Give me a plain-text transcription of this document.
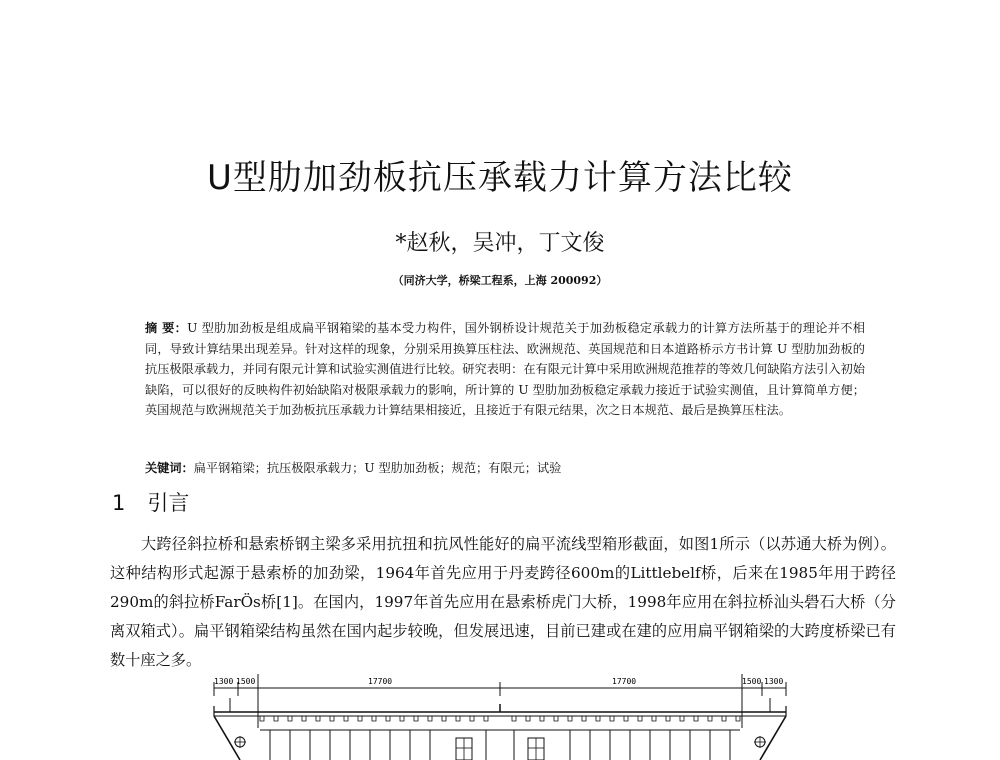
U型肋加劲板抗压承载力计算方法比较

*赵秋，吴冲，丁文俊

（同济大学，桥梁工程系，上海 200092）

摘 要：U 型肋加劲板是组成扁平钢箱梁的基本受力构件，国外钢桥设计规范关于加劲板稳定承载力的计算方法所基于的理论并不相同，导致计算结果出现差异。针对这样的现象，分别采用换算压柱法、欧洲规范、英国规范和日本道路桥示方书计算 U 型肋加劲板的抗压极限承载力，并同有限元计算和试验实测值进行比较。研究表明：在有限元计算中采用欧洲规范推荐的等效几何缺陷方法引入初始缺陷，可以很好的反映构件初始缺陷对极限承载力的影响，所计算的 U 型肋加劲板稳定承载力接近于试验实测值，且计算简单方便；英国规范与欧洲规范关于加劲板抗压承载力计算结果相接近，且接近于有限元结果，次之日本规范、最后是换算压柱法。

关键词：扁平钢箱梁；抗压极限承载力；U 型肋加劲板；规范；有限元；试验

1 引言

大跨径斜拉桥和悬索桥钢主梁多采用抗扭和抗风性能好的扁平流线型箱形截面，如图1所示（以苏通大桥为例）。这种结构形式起源于悬索桥的加劲梁，1964年首先应用于丹麦跨径600m的Littlebelf桥，后来在1985年用于跨径290m的斜拉桥FarÖs桥[1]。在国内，1997年首先应用在悬索桥虎门大桥，1998年应用在斜拉桥汕头礐石大桥（分离双箱式）。扁平钢箱梁结构虽然在国内起步较晚，但发展迅速，目前已建或在建的应用扁平钢箱梁的大跨度桥梁已有数十座之多。

1300 1500	17700	17700	1500 1300
